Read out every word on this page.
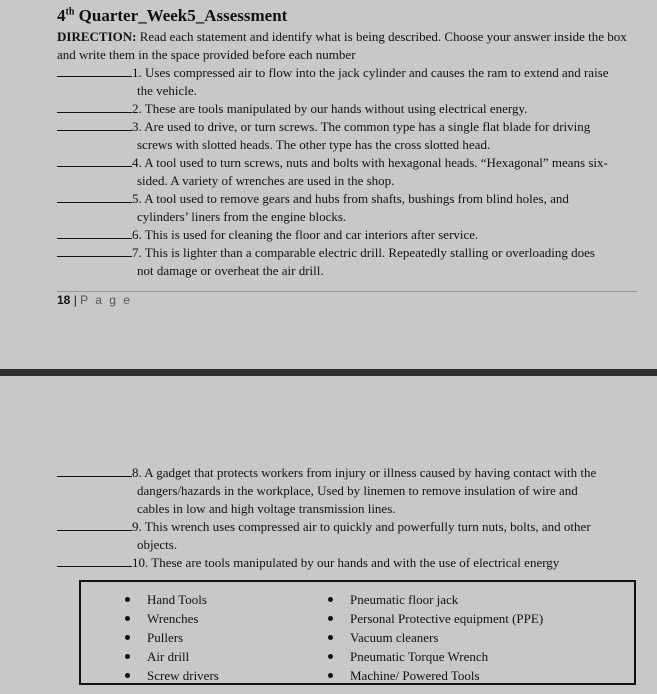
4th Quarter_Week5_Assessment
DIRECTION: Read each statement and identify what is being described. Choose your answer inside the box and write them in the space provided before each number
1. Uses compressed air to flow into the jack cylinder and causes the ram to extend and raise
the vehicle.
2. These are tools manipulated by our hands without using electrical energy.
3. Are used to drive, or turn screws. The common type has a single flat blade for driving
screws with slotted heads. The other type has the cross slotted head.
4. A tool used to turn screws, nuts and bolts with hexagonal heads. “Hexagonal” means six-
sided. A variety of wrenches are used in the shop.
5. A tool used to remove gears and hubs from shafts, bushings from blind holes, and
cylinders’ liners from the engine blocks.
6. This is used for cleaning the floor and car interiors after service.
7. This is lighter than a comparable electric drill. Repeatedly stalling or overloading does
not damage or overheat the air drill.
18 | P a g e
8. A gadget that protects workers from injury or illness caused by having contact with the
dangers/hazards in the workplace, Used by linemen to remove insulation of wire and
cables in low and high voltage transmission lines.
9. This wrench uses compressed air to quickly and powerfully turn nuts, bolts, and other
objects.
10. These are tools manipulated by our hands and with the use of electrical energy
Hand Tools
Wrenches
Pullers
Air drill
Screw drivers
Pneumatic floor jack
Personal Protective equipment (PPE)
Vacuum cleaners
Pneumatic Torque Wrench
Machine/ Powered Tools
